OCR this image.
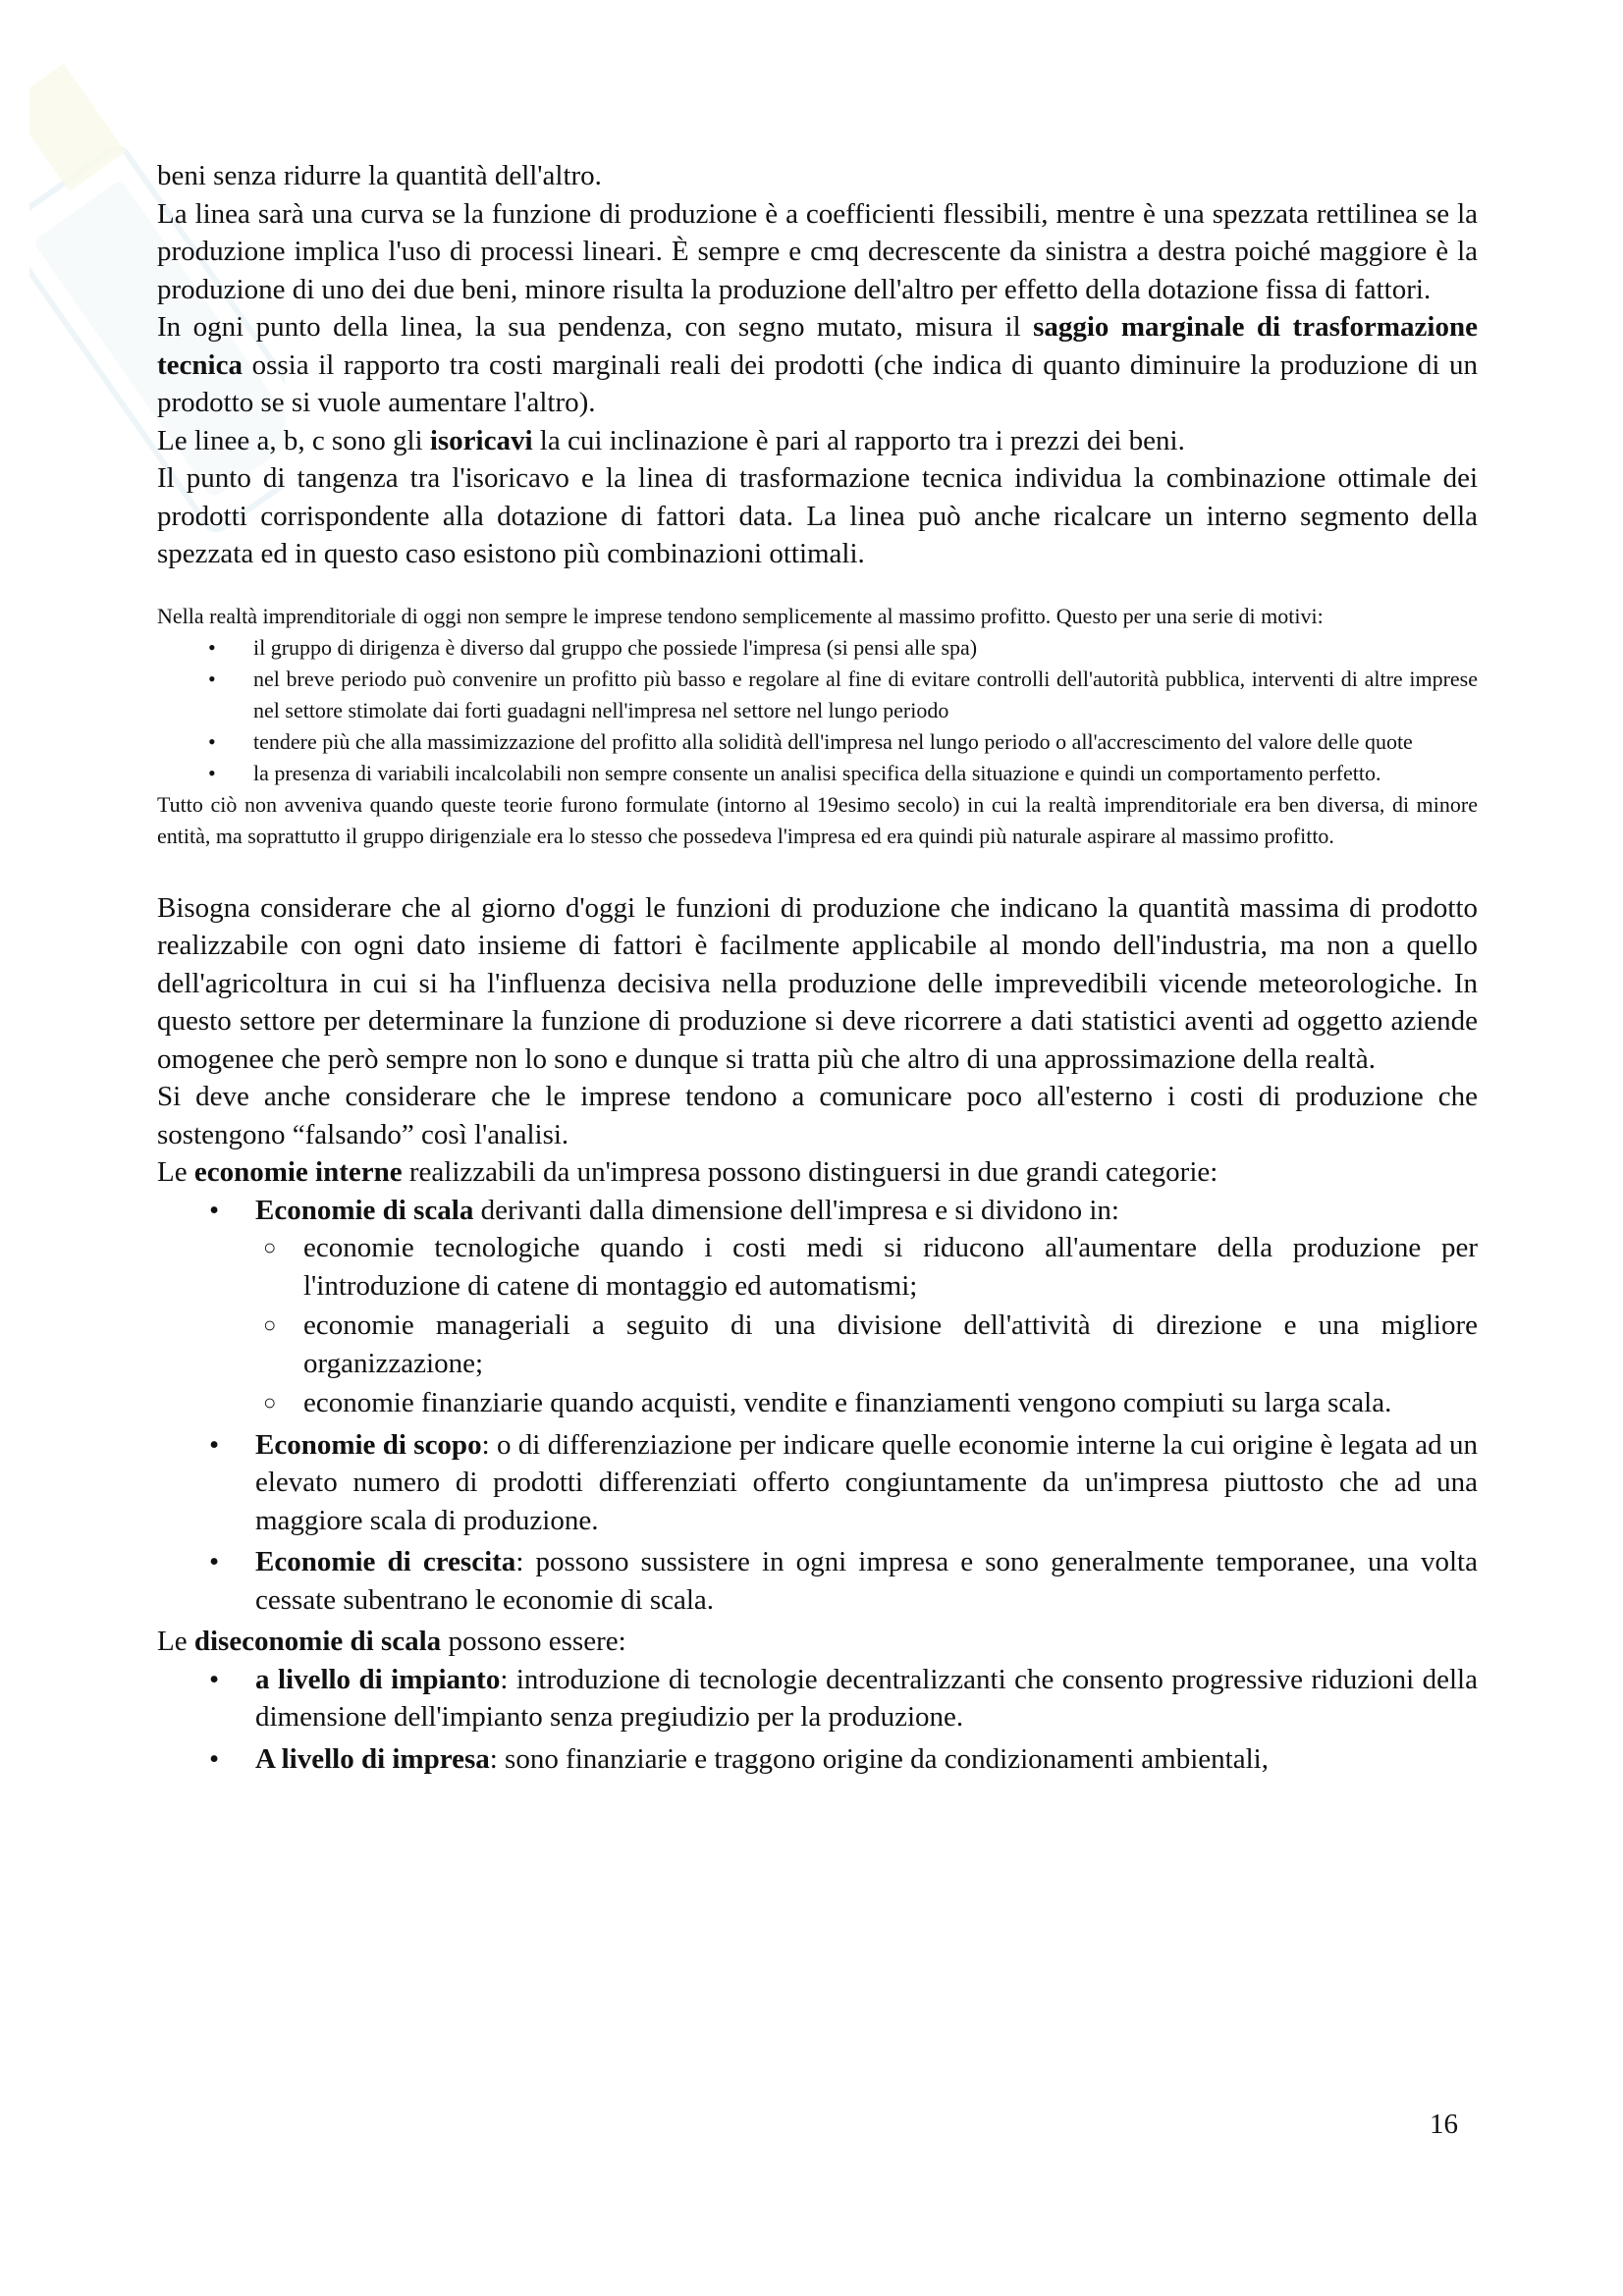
beni senza ridurre la quantità dell'altro.

La linea sarà una curva se la funzione di produzione è a coefficienti flessibili, mentre è una spezzata rettilinea se la produzione implica l'uso di processi lineari. È sempre e cmq decrescente da sinistra a destra poiché maggiore è la produzione di uno dei due beni, minore risulta la produzione dell'altro per effetto della dotazione fissa di fattori.

In ogni punto della linea, la sua pendenza, con segno mutato, misura il saggio marginale di trasformazione tecnica ossia il rapporto tra costi marginali reali dei prodotti (che indica di quanto diminuire la produzione di un prodotto se si vuole aumentare l'altro).

Le linee a, b, c sono gli isoricavi la cui inclinazione è pari al rapporto tra i prezzi dei beni.

Il punto di tangenza tra l'isoricavo e la linea di trasformazione tecnica individua la combinazione ottimale dei prodotti corrispondente alla dotazione di fattori data. La linea può anche ricalcare un interno segmento della spezzata ed in questo caso esistono più combinazioni ottimali.

Nella realtà imprenditoriale di oggi non sempre le imprese tendono semplicemente al massimo profitto. Questo per una serie di motivi:

• il gruppo di dirigenza è diverso dal gruppo che possiede l'impresa (si pensi alle spa)
• nel breve periodo può convenire un profitto più basso e regolare al fine di evitare controlli dell'autorità pubblica, interventi di altre imprese nel settore stimolate dai forti guadagni nell'impresa nel settore nel lungo periodo
• tendere più che alla massimizzazione del profitto alla solidità dell'impresa nel lungo periodo o all'accrescimento del valore delle quote
• la presenza di variabili incalcolabili non sempre consente un analisi specifica della situazione e quindi un comportamento perfetto.

Tutto ciò non avveniva quando queste teorie furono formulate (intorno al 19esimo secolo) in cui la realtà imprenditoriale era ben diversa, di minore entità, ma soprattutto il gruppo dirigenziale era lo stesso che possedeva l'impresa ed era quindi più naturale aspirare al massimo profitto.

Bisogna considerare che al giorno d'oggi le funzioni di produzione che indicano la quantità massima di prodotto realizzabile con ogni dato insieme di fattori è facilmente applicabile al mondo dell'industria, ma non a quello dell'agricoltura in cui si ha l'influenza decisiva nella produzione delle imprevedibili vicende meteorologiche. In questo settore per determinare la funzione di produzione si deve ricorrere a dati statistici aventi ad oggetto aziende omogenee che però sempre non lo sono e dunque si tratta più che altro di una approssimazione della realtà.

Si deve anche considerare che le imprese tendono a comunicare poco all'esterno i costi di produzione che sostengono “falsando” così l'analisi.

Le economie interne realizzabili da un'impresa possono distinguersi in due grandi categorie:

• Economie di scala derivanti dalla dimensione dell'impresa e si dividono in:
○ economie tecnologiche quando i costi medi si riducono all'aumentare della produzione per l'introduzione di catene di montaggio ed automatismi;
○ economie manageriali a seguito di una divisione dell'attività di direzione e una migliore organizzazione;
○ economie finanziarie quando acquisti, vendite e finanziamenti vengono compiuti su larga scala.
• Economie di scopo: o di differenziazione per indicare quelle economie interne la cui origine è legata ad un elevato numero di prodotti differenziati offerto congiuntamente da un'impresa piuttosto che ad una maggiore scala di produzione.
• Economie di crescita: possono sussistere in ogni impresa e sono generalmente temporanee, una volta cessate subentrano le economie di scala.

Le diseconomie di scala possono essere:

• a livello di impianto: introduzione di tecnologie decentralizzanti che consento progressive riduzioni della dimensione dell'impianto senza pregiudizio per la produzione.
• A livello di impresa: sono finanziarie e traggono origine da condizionamenti ambientali,
16
